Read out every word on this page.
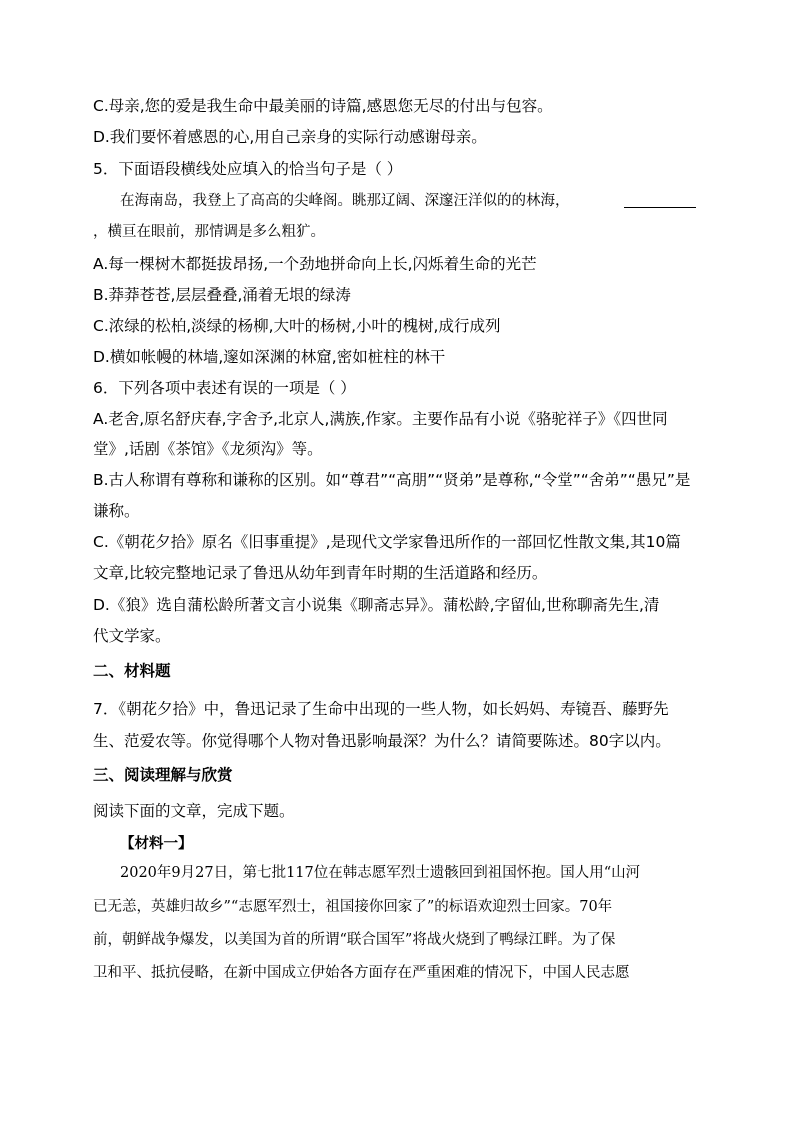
C.母亲,您的爱是我生命中最美丽的诗篇,感恩您无尽的付出与包容。
D.我们要怀着感恩的心,用自己亲身的实际行动感谢母亲。
5．下面语段横线处应填入的恰当句子是（ ）
在海南岛，我登上了高高的尖峰阁。眺那辽阔、深邃汪洋似的的林海，
，横亘在眼前，那情调是多么粗犷。
A.每一棵树木都挺拔昂扬,一个劲地拼命向上长,闪烁着生命的光芒
B.莽莽苍苍,层层叠叠,涌着无垠的绿涛
C.浓绿的松柏,淡绿的杨柳,大叶的杨树,小叶的槐树,成行成列
D.横如帐幔的林墙,邃如深渊的林窟,密如桩柱的林干
6．下列各项中表述有误的一项是（ ）
A.老舍,原名舒庆春,字舍予,北京人,满族,作家。主要作品有小说《骆驼祥子》《四世同
堂》,话剧《茶馆》《龙须沟》等。
B.古人称谓有尊称和谦称的区别。如“尊君”“高朋”“贤弟”是尊称,“令堂”“舍弟”“愚兄”是
谦称。
C.《朝花夕拾》原名《旧事重提》,是现代文学家鲁迅所作的一部回忆性散文集,其10篇
文章,比较完整地记录了鲁迅从幼年到青年时期的生活道路和经历。
D.《狼》选自蒲松龄所著文言小说集《聊斋志异》。蒲松龄,字留仙,世称聊斋先生,清
代文学家。
二、材料题
7．《朝花夕拾》中，鲁迅记录了生命中出现的一些人物，如长妈妈、寿镜吾、藤野先
生、范爱农等。你觉得哪个人物对鲁迅影响最深？为什么？请简要陈述。80字以内。
三、阅读理解与欣赏
阅读下面的文章，完成下题。
【材料一】
2020年9月27日，第七批117位在韩志愿军烈士遗骸回到祖国怀抱。国人用“山河
已无恙，英雄归故乡”“志愿军烈士，祖国接你回家了”的标语欢迎烈士回家。70年
前，朝鲜战争爆发，以美国为首的所谓“联合国军”将战火烧到了鸭绿江畔。为了保
卫和平、抵抗侵略，在新中国成立伊始各方面存在严重困难的情况下，中国人民志愿
